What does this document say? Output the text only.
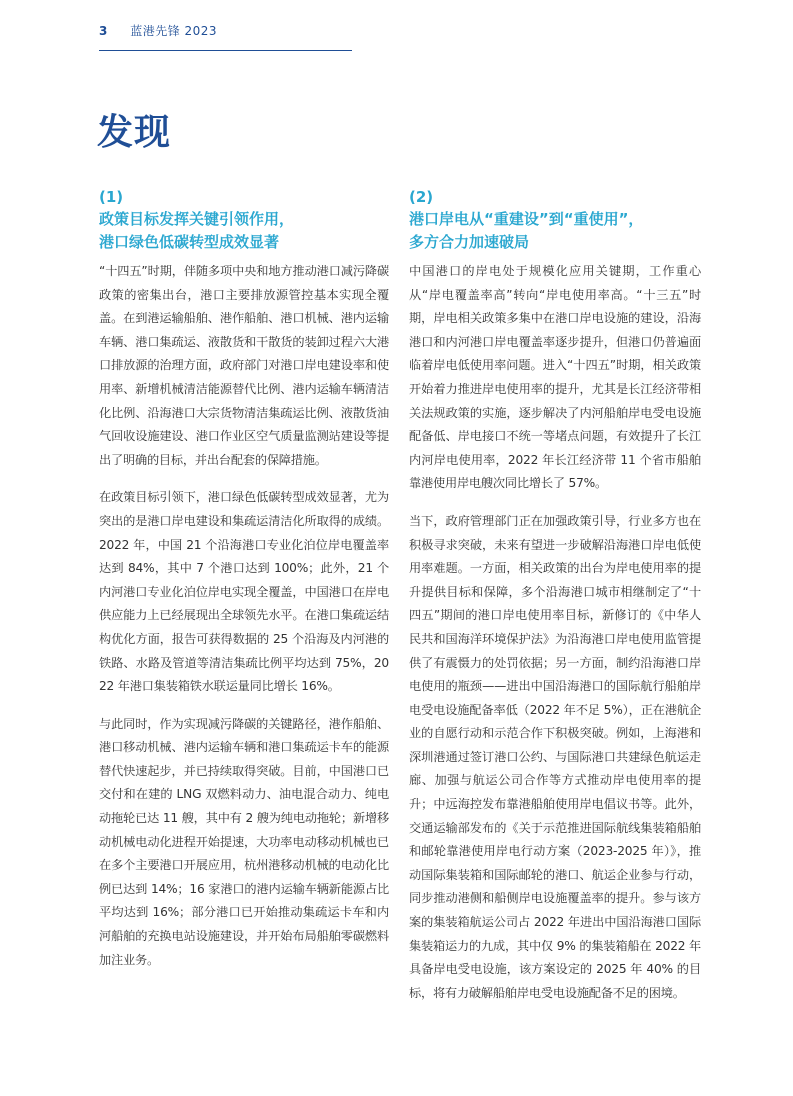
3 蓝港先锋 2023
发现
(1)
政策目标发挥关键引领作用，
港口绿色低碳转型成效显著

“十四五”时期，伴随多项中央和地方推动港口减污降碳政策的密集出台，港口主要排放源管控基本实现全覆盖。在到港运输船舶、港作船舶、港口机械、港内运输车辆、港口集疏运、液散货和干散货的装卸过程六大港口排放源的治理方面，政府部门对港口岸电建设率和使用率、新增机械清洁能源替代比例、港内运输车辆清洁化比例、沿海港口大宗货物清洁集疏运比例、液散货油气回收设施建设、港口作业区空气质量监测站建设等提出了明确的目标，并出台配套的保障措施。

在政策目标引领下，港口绿色低碳转型成效显著，尤为突出的是港口岸电建设和集疏运清洁化所取得的成绩。2022 年，中国 21 个沿海港口专业化泊位岸电覆盖率达到 84%，其中 7 个港口达到 100%；此外，21 个内河港口专业化泊位岸电实现全覆盖，中国港口在岸电供应能力上已经展现出全球领先水平。在港口集疏运结构优化方面，报告可获得数据的 25 个沿海及内河港的铁路、水路及管道等清洁集疏比例平均达到 75%，2022 年港口集装箱铁水联运量同比增长 16%。

与此同时，作为实现减污降碳的关键路径，港作船舶、港口移动机械、港内运输车辆和港口集疏运卡车的能源替代快速起步，并已持续取得突破。目前，中国港口已交付和在建的 LNG 双燃料动力、油电混合动力、纯电动拖轮已达 11 艘，其中有 2 艘为纯电动拖轮；新增移动机械电动化进程开始提速，大功率电动移动机械也已在多个主要港口开展应用，杭州港移动机械的电动化比例已达到 14%；16 家港口的港内运输车辆新能源占比平均达到 16%；部分港口已开始推动集疏运卡车和内河船舶的充换电站设施建设，并开始布局船舶零碳燃料加注业务。

(2)
港口岸电从“重建设”到“重使用”，
多方合力加速破局

中国港口的岸电处于规模化应用关键期，工作重心从“岸电覆盖率高”转向“岸电使用率高。“十三五”时期，岸电相关政策多集中在港口岸电设施的建设，沿海港口和内河港口岸电覆盖率逐步提升，但港口仍普遍面临着岸电低使用率问题。进入“十四五”时期，相关政策开始着力推进岸电使用率的提升，尤其是长江经济带相关法规政策的实施，逐步解决了内河船舶岸电受电设施配备低、岸电接口不统一等堵点问题，有效提升了长江内河岸电使用率，2022 年长江经济带 11 个省市船舶靠港使用岸电艘次同比增长了 57%。

当下，政府管理部门正在加强政策引导，行业多方也在积极寻求突破，未来有望进一步破解沿海港口岸电低使用率难题。一方面，相关政策的出台为岸电使用率的提升提供目标和保障，多个沿海港口城市相继制定了“十四五”期间的港口岸电使用率目标，新修订的《中华人民共和国海洋环境保护法》为沿海港口岸电使用监管提供了有震慑力的处罚依据；另一方面，制约沿海港口岸电使用的瓶颈——进出中国沿海港口的国际航行船舶岸电受电设施配备率低（2022 年不足 5%），正在港航企业的自愿行动和示范合作下积极突破。例如，上海港和深圳港通过签订港口公约、与国际港口共建绿色航运走廊、加强与航运公司合作等方式推动岸电使用率的提升；中远海控发布靠港船舶使用岸电倡议书等。此外，交通运输部发布的《关于示范推进国际航线集装箱船舶和邮轮靠港使用岸电行动方案（2023-2025 年）》，推动国际集装箱和国际邮轮的港口、航运企业参与行动，同步推动港侧和船侧岸电设施覆盖率的提升。参与该方案的集装箱航运公司占 2022 年进出中国沿海港口国际集装箱运力的九成，其中仅 9% 的集装箱船在 2022 年具备岸电受电设施，该方案设定的 2025 年 40% 的目标，将有力破解船舶岸电受电设施配备不足的困境。
